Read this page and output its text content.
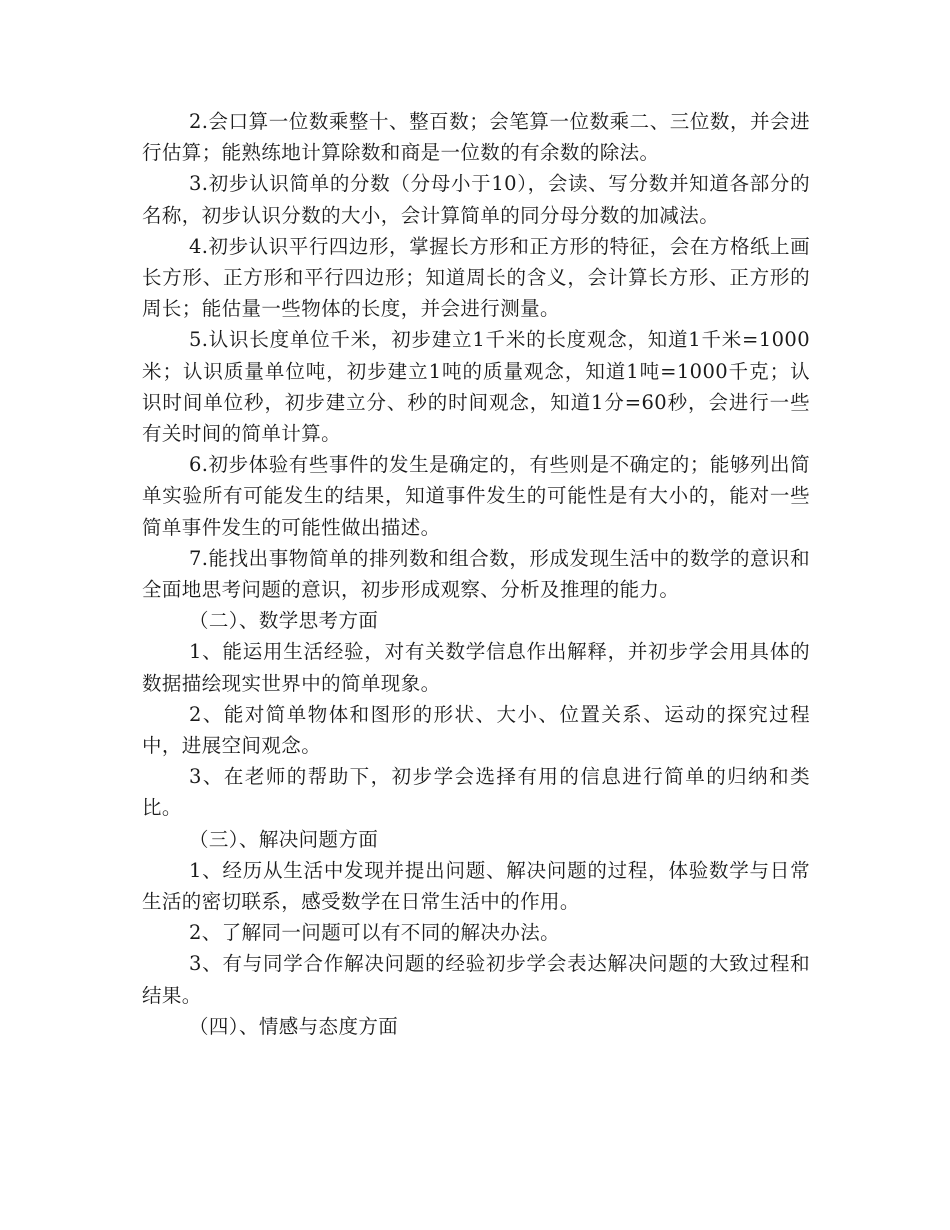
2.会口算一位数乘整十、整百数；会笔算一位数乘二、三位数，并会进行估算；能熟练地计算除数和商是一位数的有余数的除法。

3.初步认识简单的分数（分母小于10），会读、写分数并知道各部分的名称，初步认识分数的大小，会计算简单的同分母分数的加减法。

4.初步认识平行四边形，掌握长方形和正方形的特征，会在方格纸上画长方形、正方形和平行四边形；知道周长的含义，会计算长方形、正方形的周长；能估量一些物体的长度，并会进行测量。

5.认识长度单位千米，初步建立1千米的长度观念，知道1千米=1000米；认识质量单位吨，初步建立1吨的质量观念，知道1吨=1000千克；认识时间单位秒，初步建立分、秒的时间观念，知道1分=60秒，会进行一些有关时间的简单计算。

6.初步体验有些事件的发生是确定的，有些则是不确定的；能够列出简单实验所有可能发生的结果，知道事件发生的可能性是有大小的，能对一些简单事件发生的可能性做出描述。

7.能找出事物简单的排列数和组合数，形成发现生活中的数学的意识和全面地思考问题的意识，初步形成观察、分析及推理的能力。

（二）、数学思考方面

1、能运用生活经验，对有关数学信息作出解释，并初步学会用具体的数据描绘现实世界中的简单现象。

2、能对简单物体和图形的形状、大小、位置关系、运动的探究过程中，进展空间观念。

3、在老师的帮助下，初步学会选择有用的信息进行简单的归纳和类比。

（三）、解决问题方面

1、经历从生活中发现并提出问题、解决问题的过程，体验数学与日常生活的密切联系，感受数学在日常生活中的作用。

2、了解同一问题可以有不同的解决办法。

3、有与同学合作解决问题的经验初步学会表达解决问题的大致过程和结果。

（四）、情感与态度方面
